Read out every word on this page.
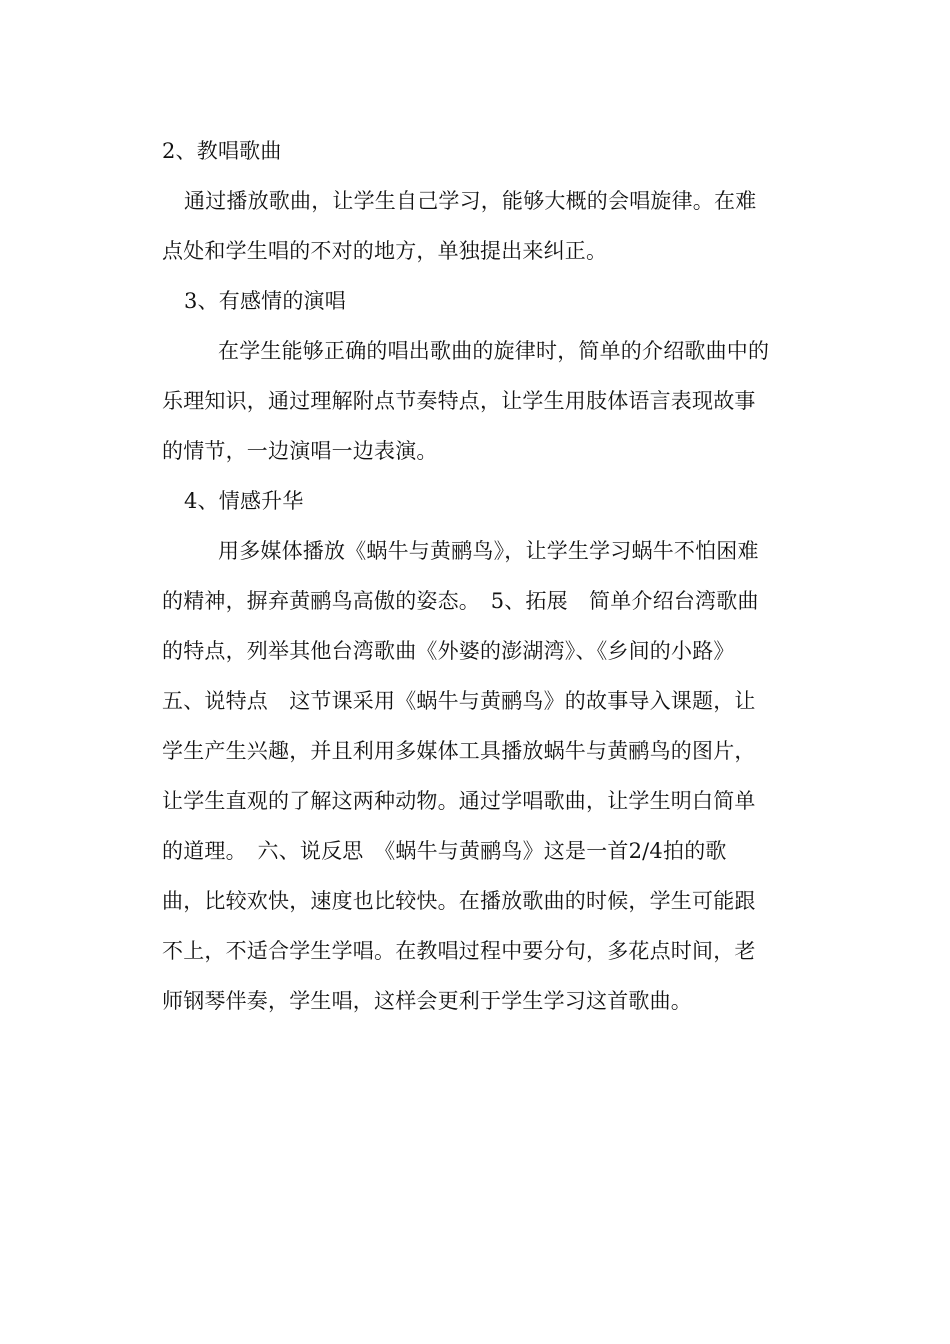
2、教唱歌曲
通过播放歌曲，让学生自己学习，能够大概的会唱旋律。在难
点处和学生唱的不对的地方，单独提出来纠正。
3、有感情的演唱
在学生能够正确的唱出歌曲的旋律时，简单的介绍歌曲中的
乐理知识，通过理解附点节奏特点，让学生用肢体语言表现故事
的情节，一边演唱一边表演。
4、情感升华
用多媒体播放《蜗牛与黄鹂鸟》，让学生学习蜗牛不怕困难
的精神，摒弃黄鹂鸟高傲的姿态。　5、拓展　简单介绍台湾歌曲
的特点，列举其他台湾歌曲《外婆的澎湖湾》、《乡间的小路》
五、说特点　这节课采用《蜗牛与黄鹂鸟》的故事导入课题，让
学生产生兴趣，并且利用多媒体工具播放蜗牛与黄鹂鸟的图片，
让学生直观的了解这两种动物。通过学唱歌曲，让学生明白简单
的道理。　六、说反思　《蜗牛与黄鹂鸟》这是一首2/4拍的歌
曲，比较欢快，速度也比较快。在播放歌曲的时候，学生可能跟
不上，不适合学生学唱。在教唱过程中要分句，多花点时间，老
师钢琴伴奏，学生唱，这样会更利于学生学习这首歌曲。
